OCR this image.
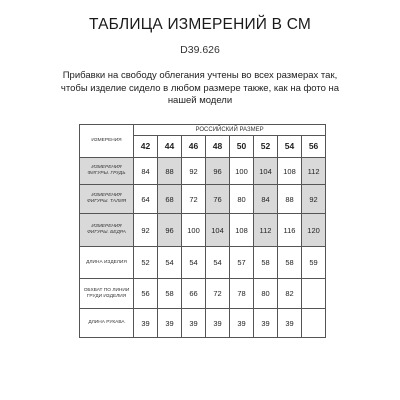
ТАБЛИЦА ИЗМЕРЕНИЙ В СМ
D39.626
Прибавки на свободу облегания учтены во всех размерах так, чтобы изделие сидело в любом размере также, как на фото на нашей модели
ИЗМЕРЕНИЯ	РОССИЙСКИЙ РАЗМЕР							
	42	44	46	48	50	52	54	56
ИЗМЕРЕНИЯ ФИГУРЫ. ГРУДЬ	84	88	92	96	100	104	108	112
ИЗМЕРЕНИЯ ФИГУРЫ. ТАЛИЯ	64	68	72	76	80	84	88	92
ИЗМЕРЕНИЯ ФИГУРЫ. БЕДРА	92	96	100	104	108	112	116	120
ДЛИНА ИЗДЕЛИЯ	52	54	54	54	57	58	58	59
ОБХВАТ ПО ЛИНИИ ГРУДИ ИЗДЕЛИЯ	56	58	66	72	78	80	82	
ДЛИНА РУКАВА	39	39	39	39	39	39	39	
